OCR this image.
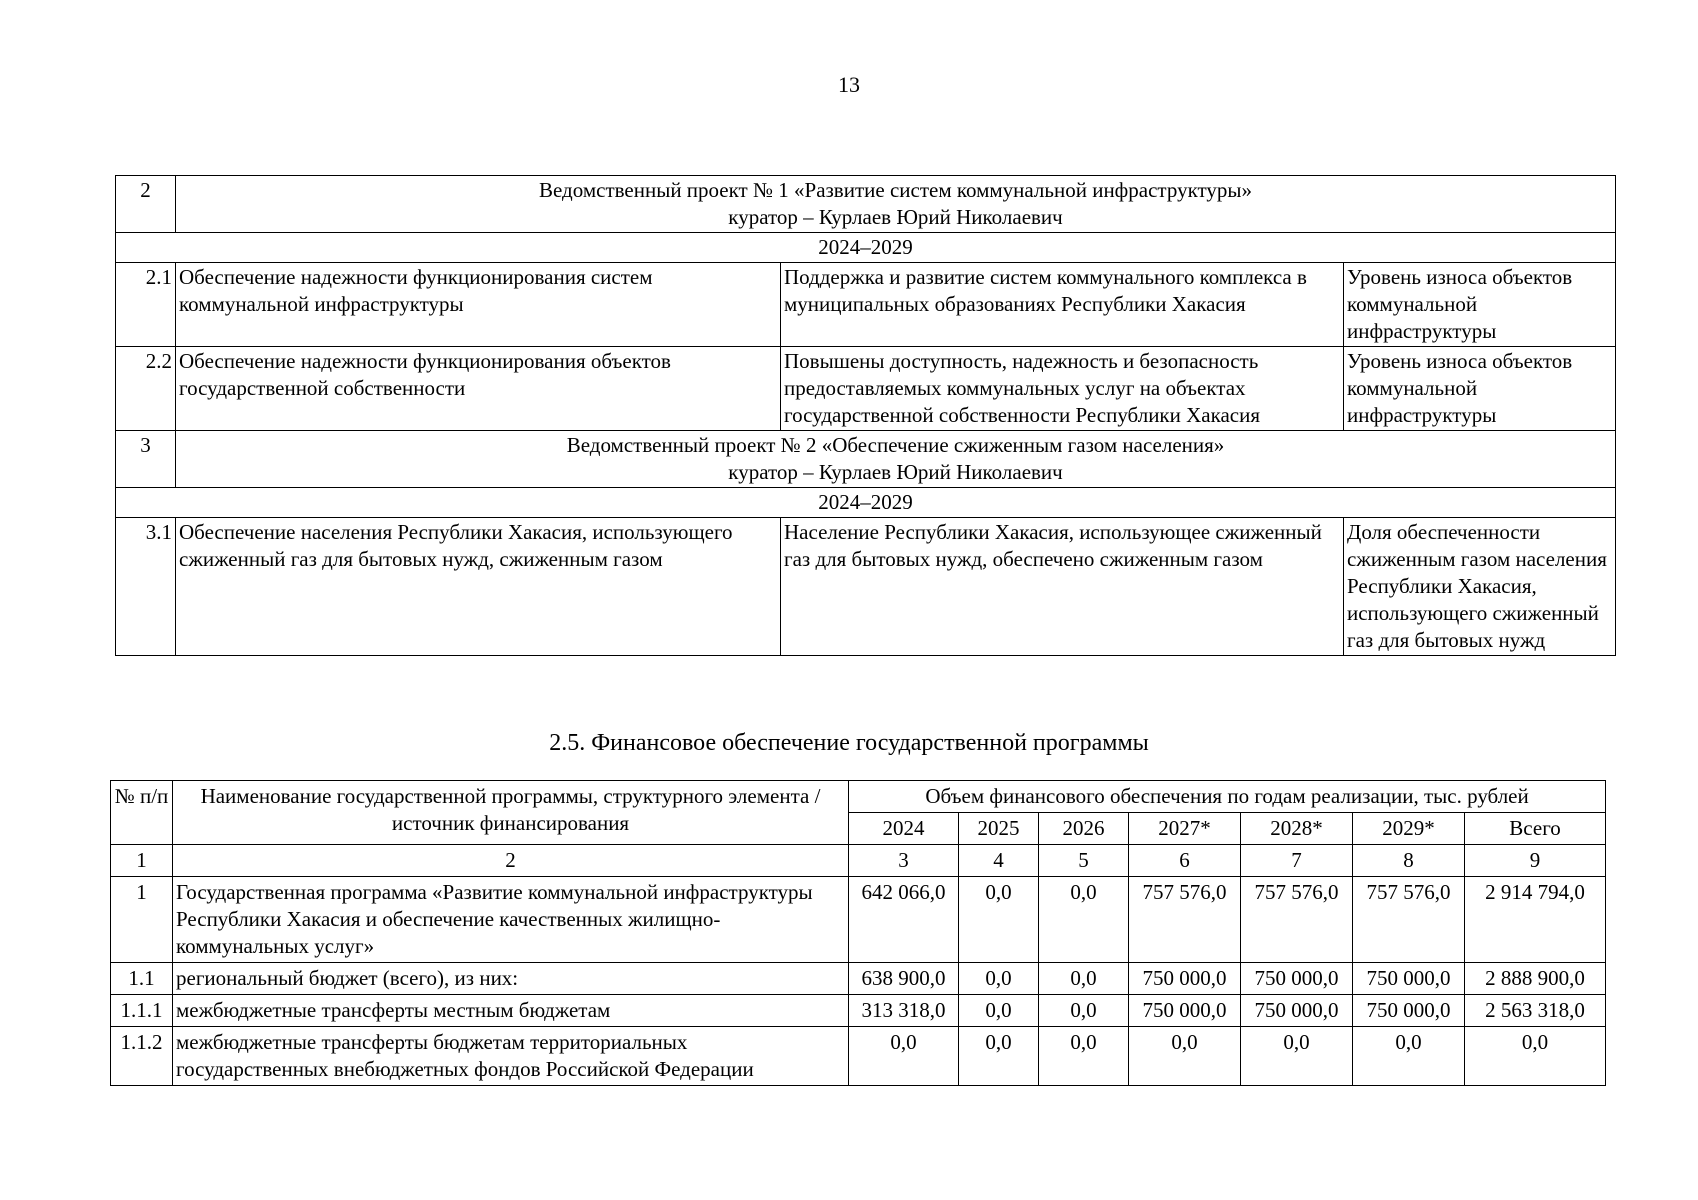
13
2	Ведомственный проект № 1 «Развитие систем коммунальной инфраструктуры»
куратор – Курлаев Юрий Николаевич		

2024–2029			
2.1	Обеспечение надежности функционирования систем коммунальной инфраструктуры	Поддержка и развитие систем коммунального комплекса в муниципальных образованиях Республики Хакасия	Уровень износа объектов коммунальной инфраструктуры
2.2	Обеспечение надежности функционирования объектов государственной собственности	Повышены доступность, надежность и безопасность предоставляемых коммунальных услуг на объектах государственной собственности Республики Хакасия	Уровень износа объектов коммунальной инфраструктуры
3	Ведомственный проект № 2 «Обеспечение сжиженным газом населения»
куратор – Курлаев Юрий Николаевич		

2024–2029			
3.1	Обеспечение населения Республики Хакасия, использующего сжиженный газ для бытовых нужд, сжиженным газом	Население Республики Хакасия, использующее сжиженный газ для бытовых нужд, обеспечено сжиженным газом	Доля обеспеченности сжиженным газом населения Республики Хакасия, использующего сжиженный газ для бытовых нужд
2.5. Финансовое обеспечение государственной программы
№ п/п	Наименование государственной программы, структурного элемента / источник финансирования	Объем финансового обеспечения по годам реализации, тыс. рублей						
		2024	2025	2026	2027*	2028*	2029*	Всего
1	2	3	4	5	6	7	8	9
1	Государственная программа «Развитие коммунальной инфраструктуры Республики Хакасия и обеспечение качественных жилищно-коммунальных услуг»	642 066,0	0,0	0,0	757 576,0	757 576,0	757 576,0	2 914 794,0
1.1	региональный бюджет (всего), из них:	638 900,0	0,0	0,0	750 000,0	750 000,0	750 000,0	2 888 900,0
1.1.1	межбюджетные трансферты местным бюджетам	313 318,0	0,0	0,0	750 000,0	750 000,0	750 000,0	2 563 318,0
1.1.2	межбюджетные трансферты бюджетам территориальных государственных внебюджетных фондов Российской Федерации	0,0	0,0	0,0	0,0	0,0	0,0	0,0
